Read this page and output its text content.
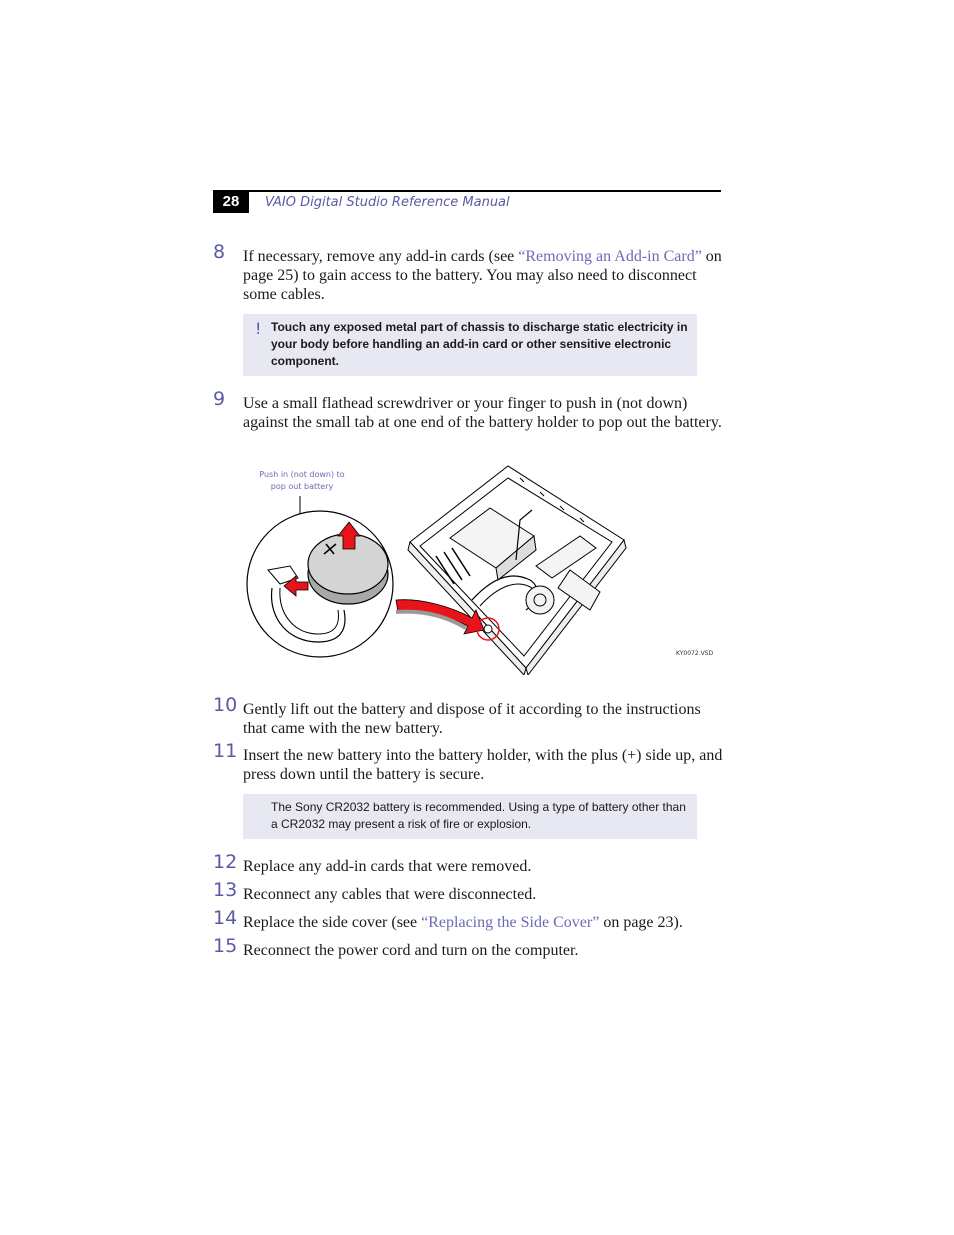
28	VAIO Digital Studio Reference Manual
8 If necessary, remove any add-in cards (see “Removing an Add-in Card” on page 25) to gain access to the battery. You may also need to disconnect some cables.
! Touch any exposed metal part of chassis to discharge static electricity in your body before handling an add-in card or other sensitive electronic component.
9 Use a small flathead screwdriver or your finger to push in (not down) against the small tab at one end of the battery holder to pop out the battery.
Push in (not down) to
pop out battery
KY0072.VSD
10 Gently lift out the battery and dispose of it according to the instructions that came with the new battery.
11 Insert the new battery into the battery holder, with the plus (+) side up, and press down until the battery is secure.
The Sony CR2032 battery is recommended. Using a type of battery other than a CR2032 may present a risk of fire or explosion.
12 Replace any add-in cards that were removed.
13 Reconnect any cables that were disconnected.
14 Replace the side cover (see “Replacing the Side Cover” on page 23).
15 Reconnect the power cord and turn on the computer.
